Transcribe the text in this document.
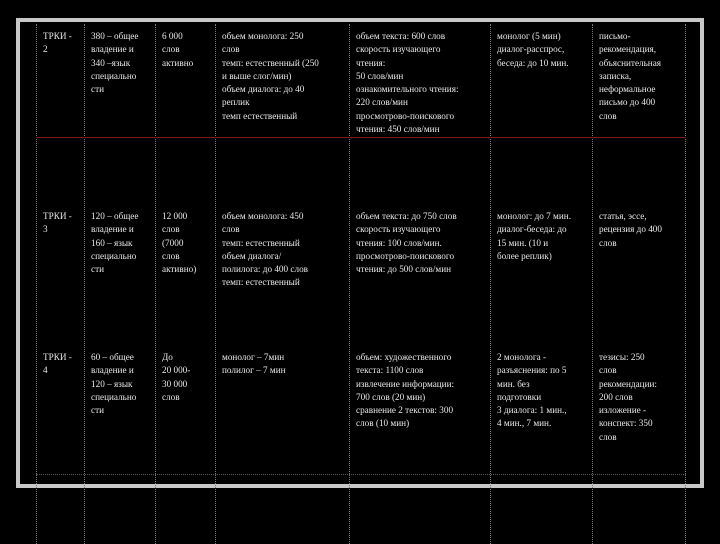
ТРКИ -
2

380 – общее
владение и
340 –язык
специально
сти

6 000
слов
активно

объем монолога: 250
слов
темп: естественный (250
и выше слог/мин)
объем диалога: до 40
реплик
темп естественный

объем текста: 600 слов
скорость изучающего
чтения:
50 слов/мин
ознакомительного чтения:
220 слов/мин
просмотрово-поискового
чтения: 450 слов/мин

монолог (5 мин)
диалог-расспрос,
беседа: до 10 мин.

письмо-
рекомендация,
объяснительная
записка,
неформальное
письмо до 400
слов

ТРКИ -
3

120 – общее
владение и
160 – язык
специально
сти

12 000
слов
(7000
слов
активно)

объем монолога: 450
слов
темп: естественный
объем диалога/
полилога: до 400 слов
темп: естественный

объем текста: до 750 слов
скорость изучающего
чтения: 100 слов/мин.
просмотрово-поискового
чтения: до 500 слов/мин

монолог: до 7 мин.
диалог-беседа: до
15 мин. (10 и
более реплик)

статья, эссе,
рецензия до 400
слов

ТРКИ -
4

60 – общее
владение и
120 – язык
специально
сти

До
20 000-
30 000
слов

монолог – 7мин
полилог – 7 мин

объем: художественного
текста: 1100 слов
извлечение информации:
700 слов (20 мин)
сравнение 2 текстов: 300
слов (10 мин)

2 монолога -
разъяснения: по 5
мин. без
подготовки
3 диалога: 1 мин.,
4 мин., 7 мин.

тезисы: 250
слов
рекомендации:
200 слов
изложение -
конспект: 350
слов
